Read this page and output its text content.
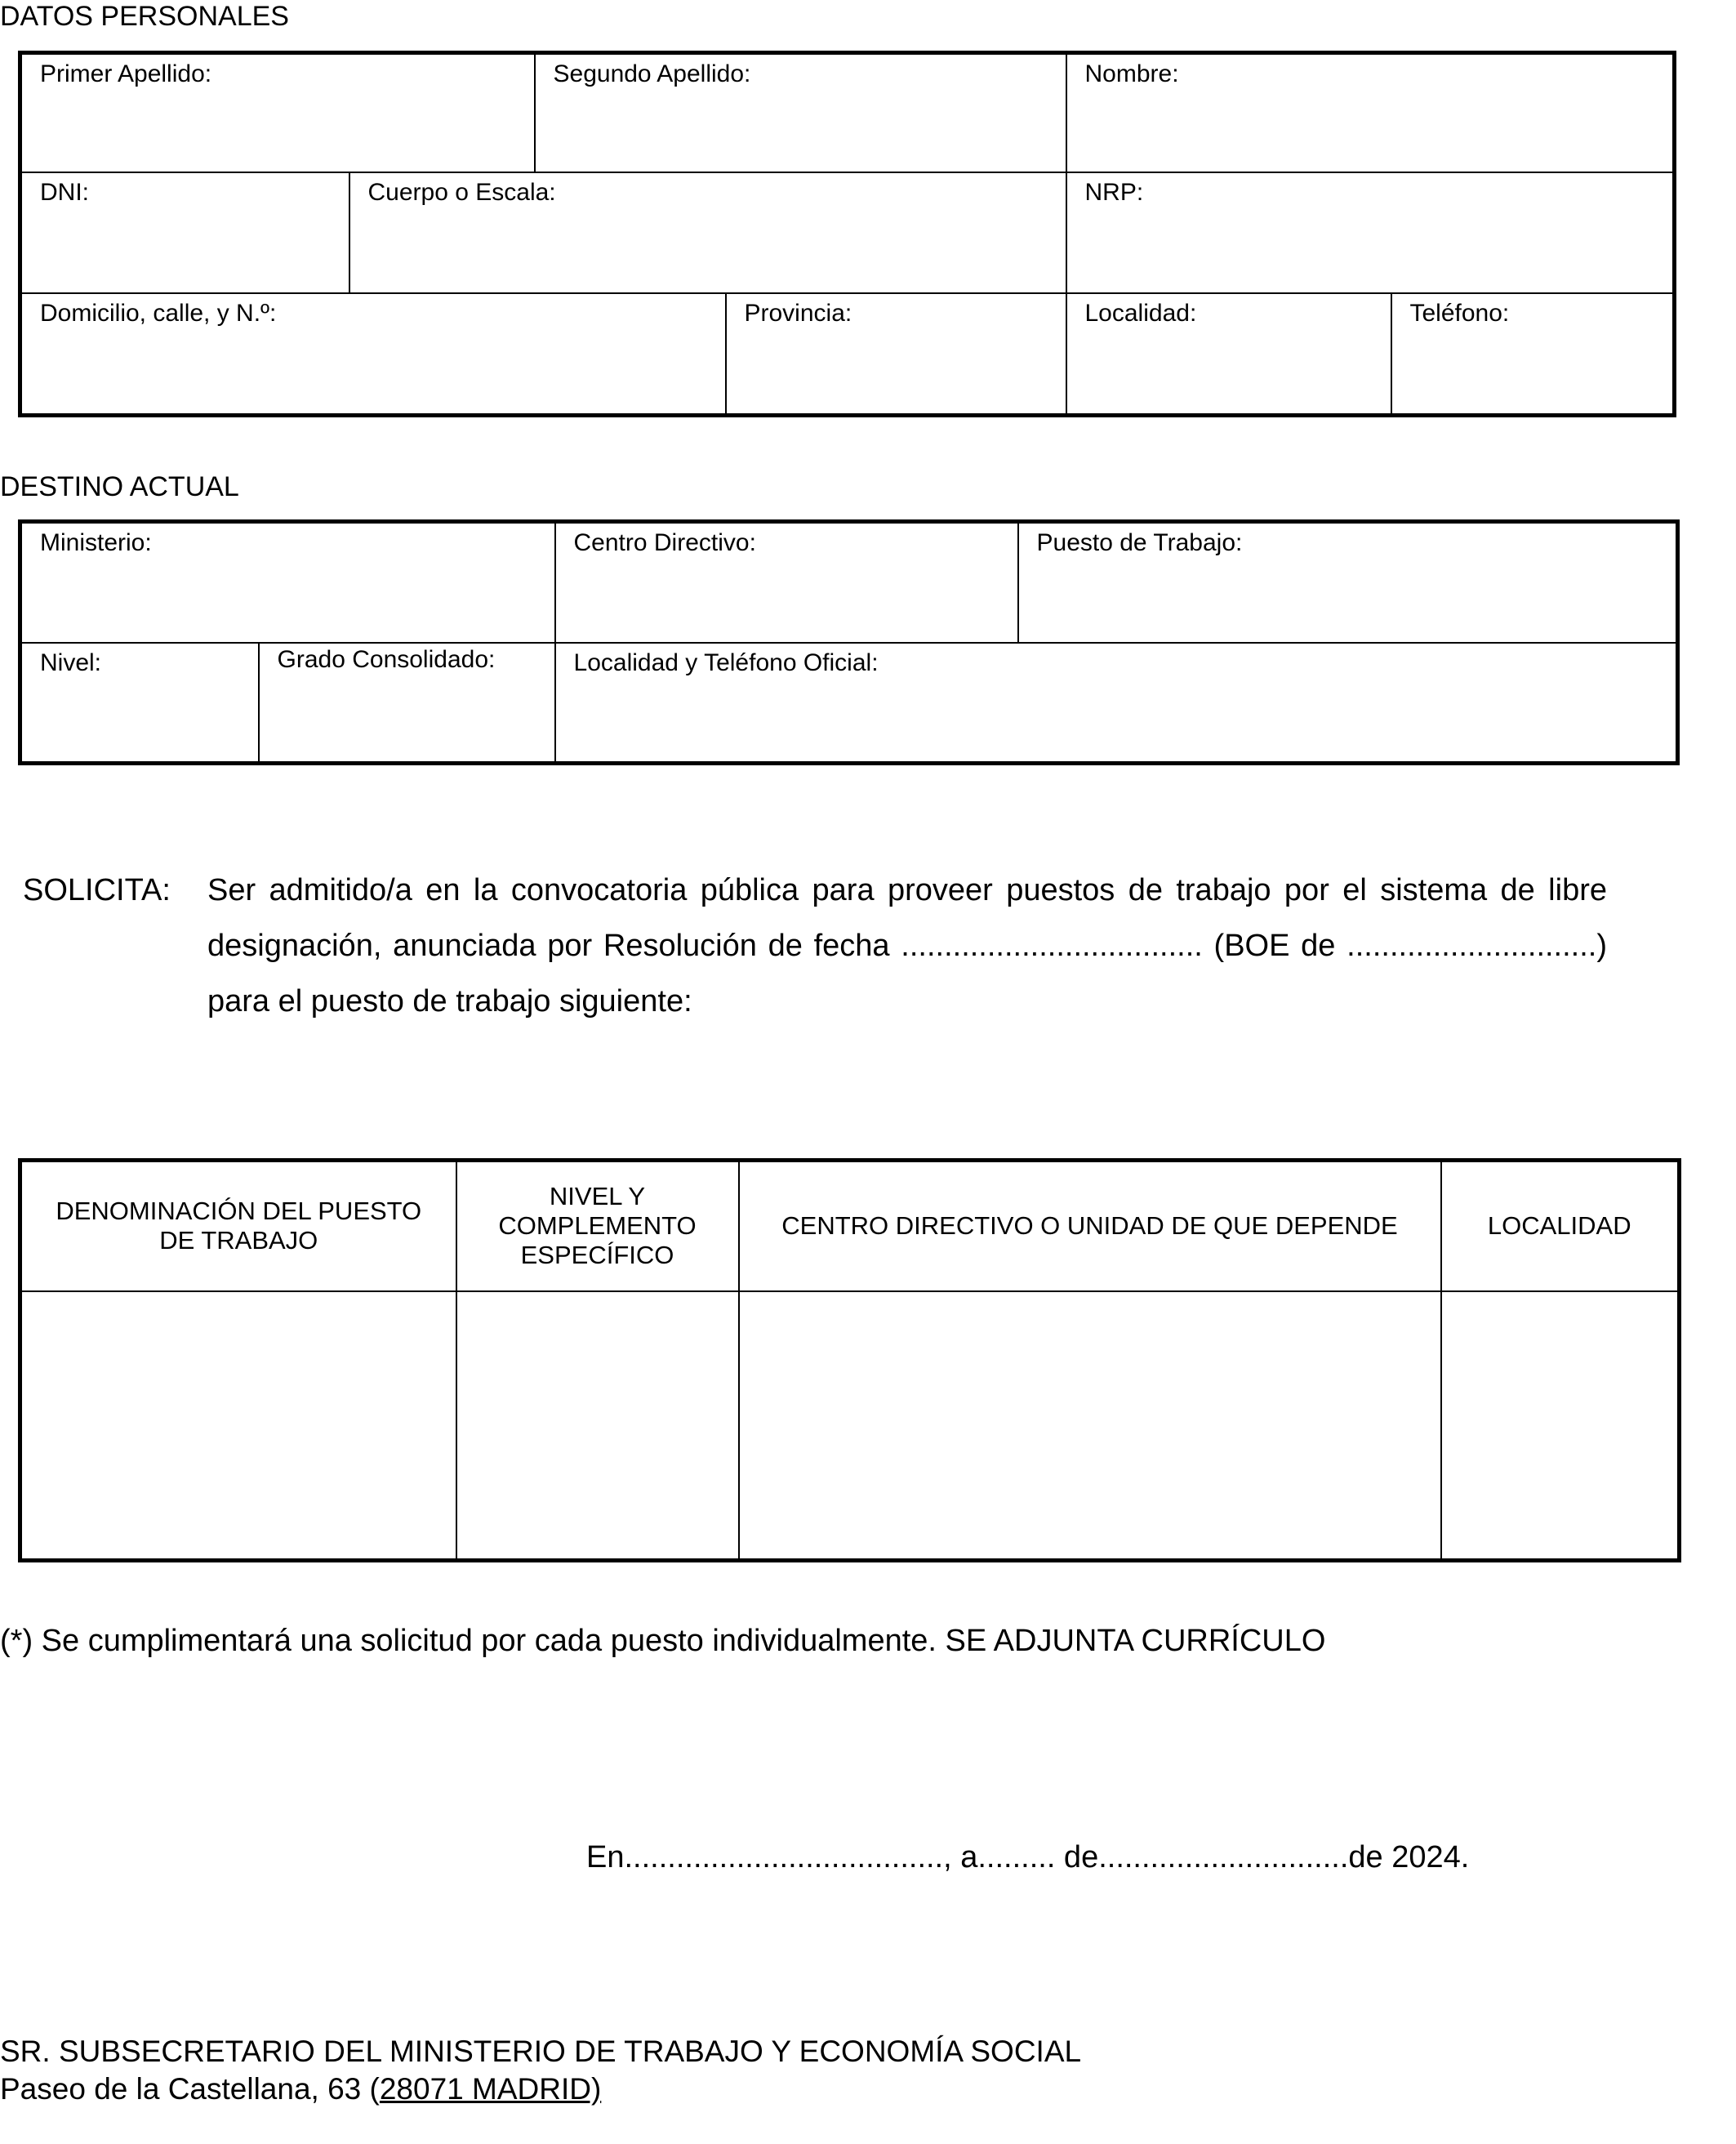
DATOS PERSONALES
Primer Apellido:		Segundo Apellido:		Nombre:	

DNI:	Cuerpo o Escala:			NRP:	

Domicilio, calle, y N.º:			Provincia:	Localidad:	Teléfono:
DESTINO ACTUAL
Ministerio:		Centro Directivo:	Puesto de Trabajo:

Nivel:	Grado Consolidado:	Localidad y Teléfono Oficial:	
SOLICITA: Ser admitido/a en la convocatoria pública para proveer puestos de trabajo por el sistema de libre designación, anunciada por Resolución de fecha ................................... (BOE de .............................) para el puesto de trabajo siguiente:
DENOMINACIÓN DEL PUESTO DE TRABAJO	NIVEL Y COMPLEMENTO ESPECÍFICO	CENTRO DIRECTIVO O UNIDAD DE QUE DEPENDE	LOCALIDAD

(*) Se cumplimentará una solicitud por cada puesto individualmente. SE ADJUNTA CURRÍCULO
En....................................., a......... de.............................de 2024.
SR. SUBSECRETARIO DEL MINISTERIO DE TRABAJO Y ECONOMÍA SOCIAL
Paseo de la Castellana, 63 (28071 MADRID)
